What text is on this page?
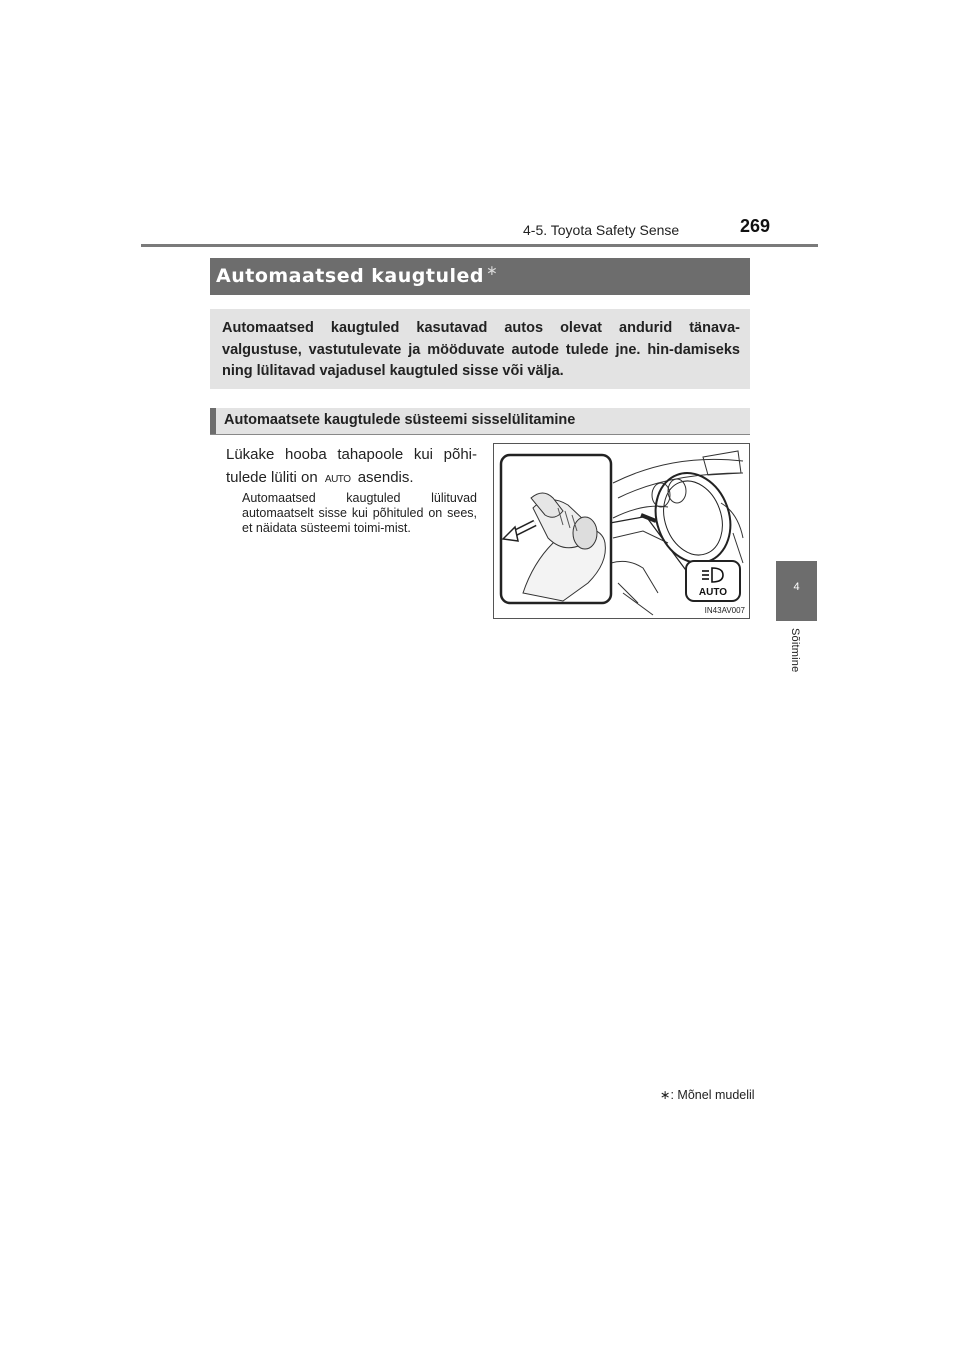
4-5. Toyota Safety Sense	269
4
Sõitmine
Automaatsed kaugtuled ∗
Automaatsed kaugtuled kasutavad autos olevat andurid tänava-valgustuse, vastutulevate ja mööduvate autode tulede jne. hin-damiseks ning lülitavad vajadusel kaugtuled sisse või välja.
Automaatsete kaugtulede süsteemi sisselülitamine
Lükake hooba tahapoole kui põhi-tulede lüliti on AUTO asendis.
Automaatsed kaugtuled lülituvad automaatselt sisse kui põhituled on sees, et näidata süsteemi toimi-mist.
AUTO
IN43AV007
∗: Mõnel mudelil
